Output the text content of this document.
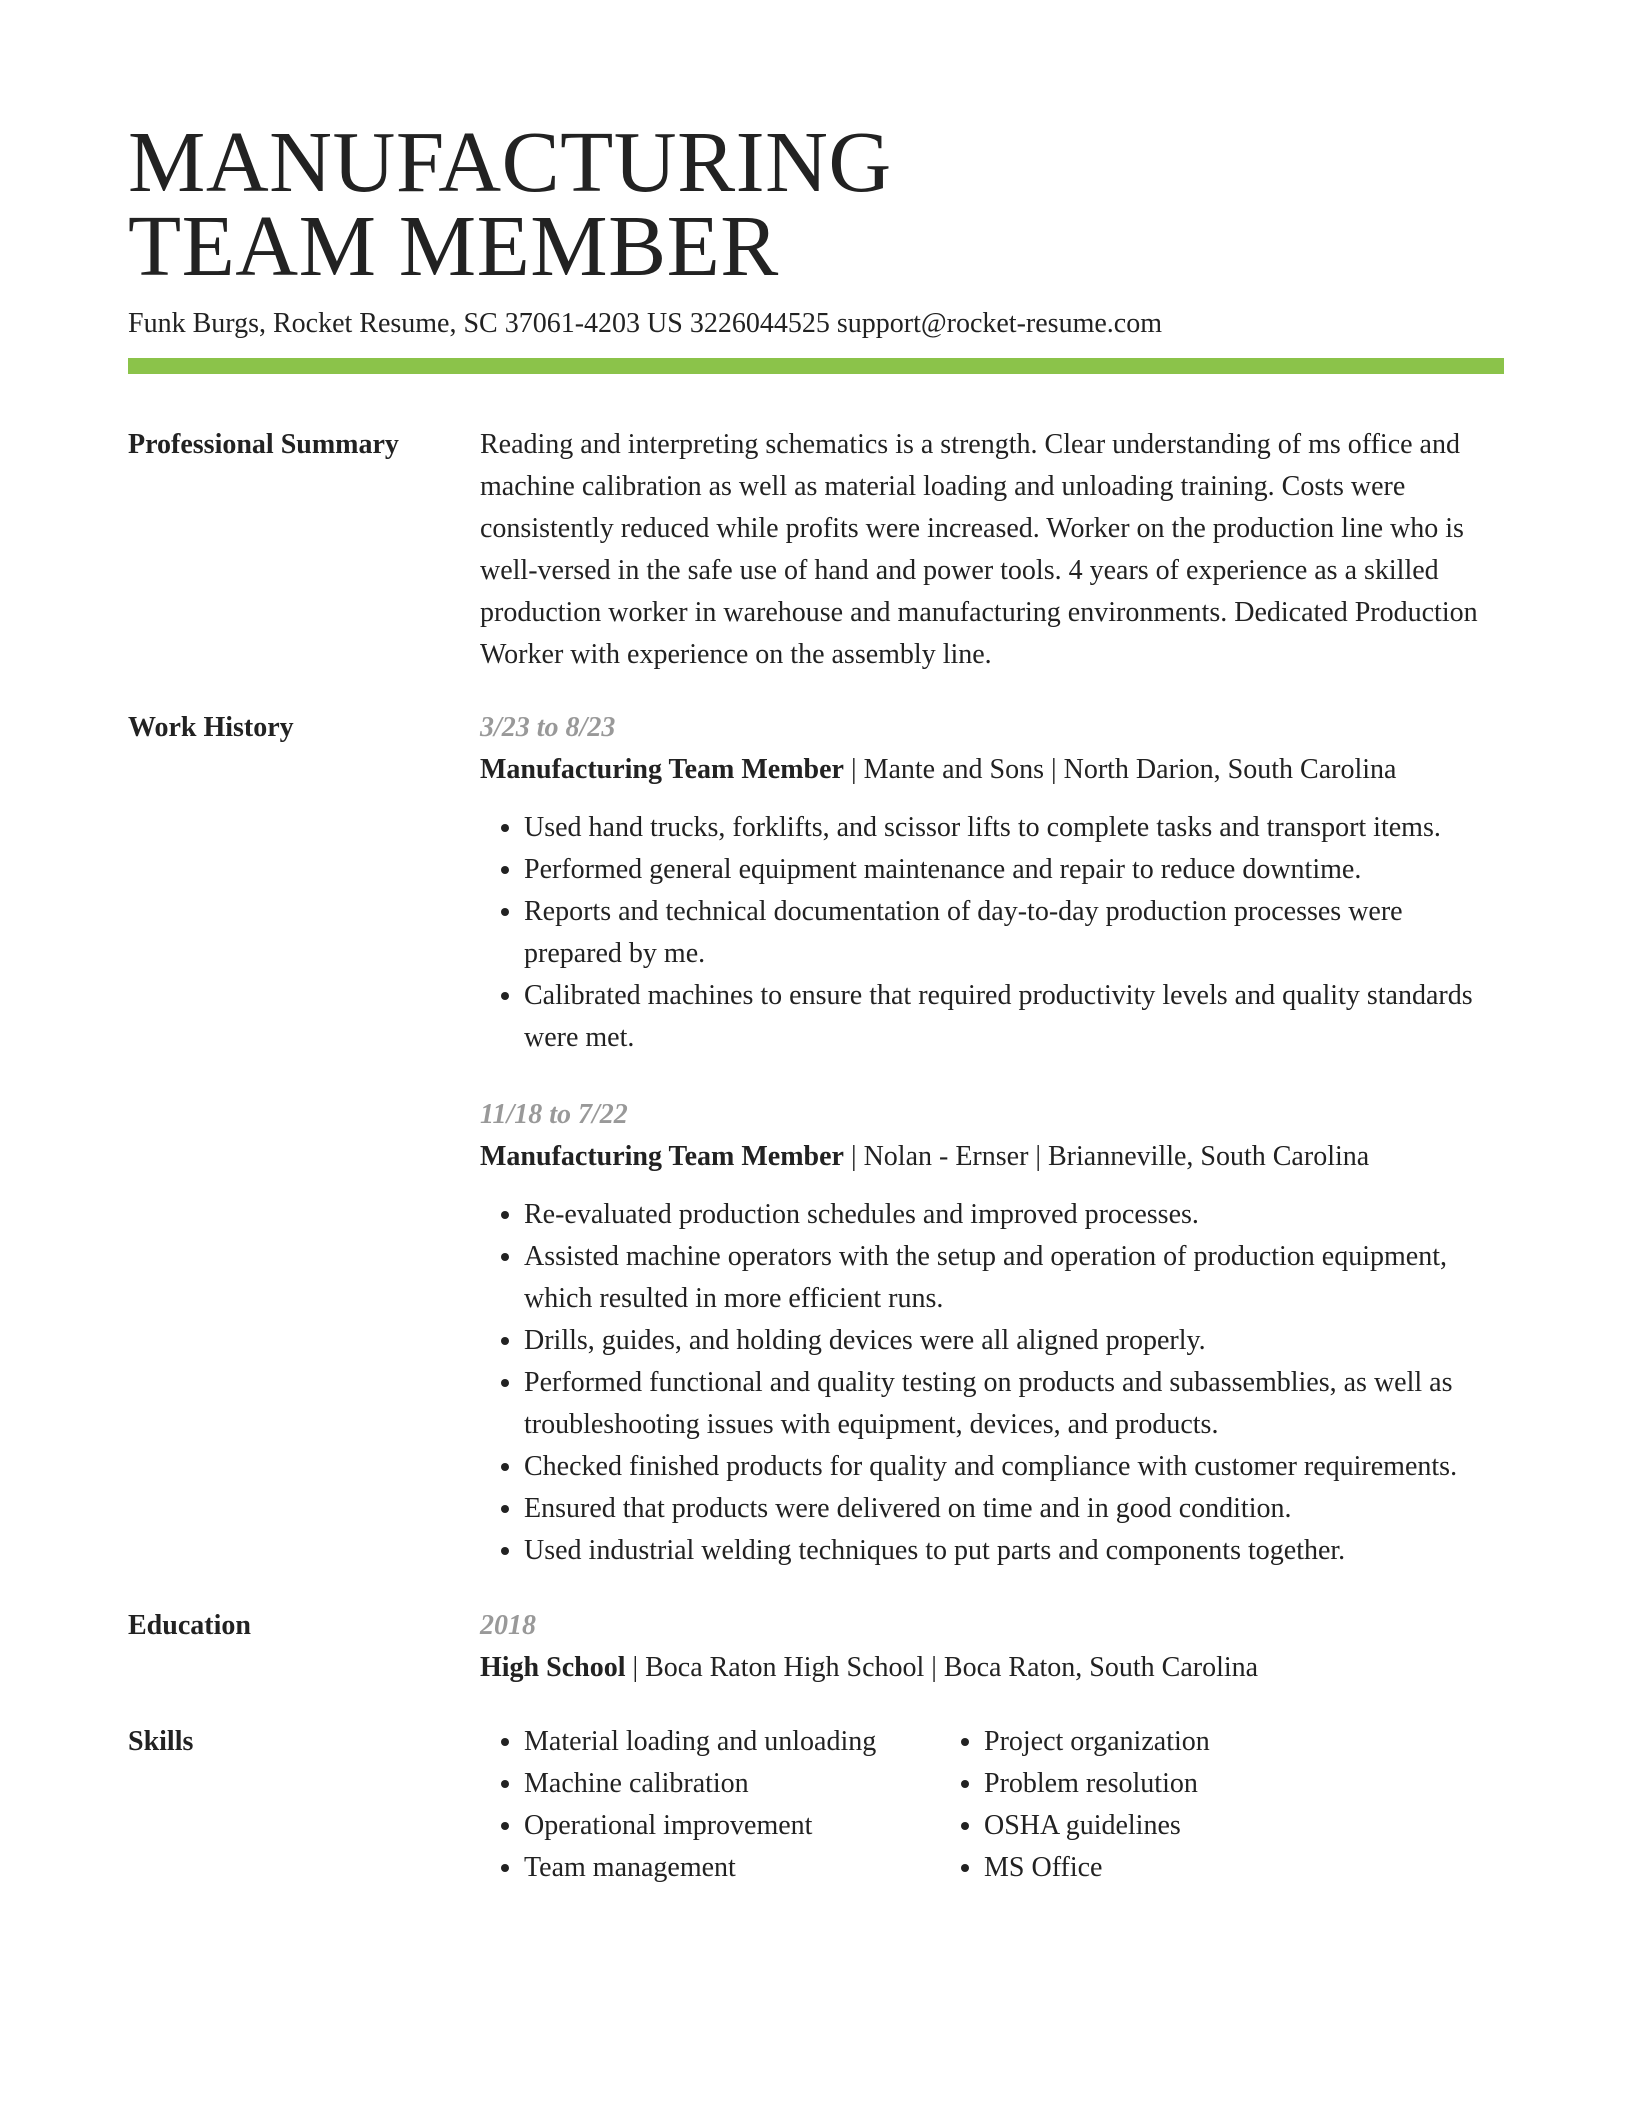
MANUFACTURING
TEAM MEMBER
Funk Burgs, Rocket Resume, SC 37061-4203 US 3226044525 support@rocket-resume.com
Professional Summary	Reading and interpreting schematics is a strength. Clear understanding of ms office and machine calibration as well as material loading and unloading training. Costs were consistently reduced while profits were increased. Worker on the production line who is well-versed in the safe use of hand and power tools. 4 years of experience as a skilled production worker in warehouse and manufacturing environments. Dedicated Production Worker with experience on the assembly line.
Work History	3/23 to 8/23
Manufacturing Team Member | Mante and Sons | North Darion, South Carolina
• Used hand trucks, forklifts, and scissor lifts to complete tasks and transport items.
• Performed general equipment maintenance and repair to reduce downtime.
• Reports and technical documentation of day-to-day production processes were prepared by me.
• Calibrated machines to ensure that required productivity levels and quality standards were met.
11/18 to 7/22
Manufacturing Team Member | Nolan - Ernser | Brianneville, South Carolina
• Re-evaluated production schedules and improved processes.
• Assisted machine operators with the setup and operation of production equipment, which resulted in more efficient runs.
• Drills, guides, and holding devices were all aligned properly.
• Performed functional and quality testing on products and subassemblies, as well as troubleshooting issues with equipment, devices, and products.
• Checked finished products for quality and compliance with customer requirements.
• Ensured that products were delivered on time and in good condition.
• Used industrial welding techniques to put parts and components together.
Education	2018
High School | Boca Raton High School | Boca Raton, South Carolina
Skills
•	Material loading and unloading
• Machine calibration
• Operational improvement
• Team management
• Project organization
• Problem resolution
• OSHA guidelines
• MS Office
